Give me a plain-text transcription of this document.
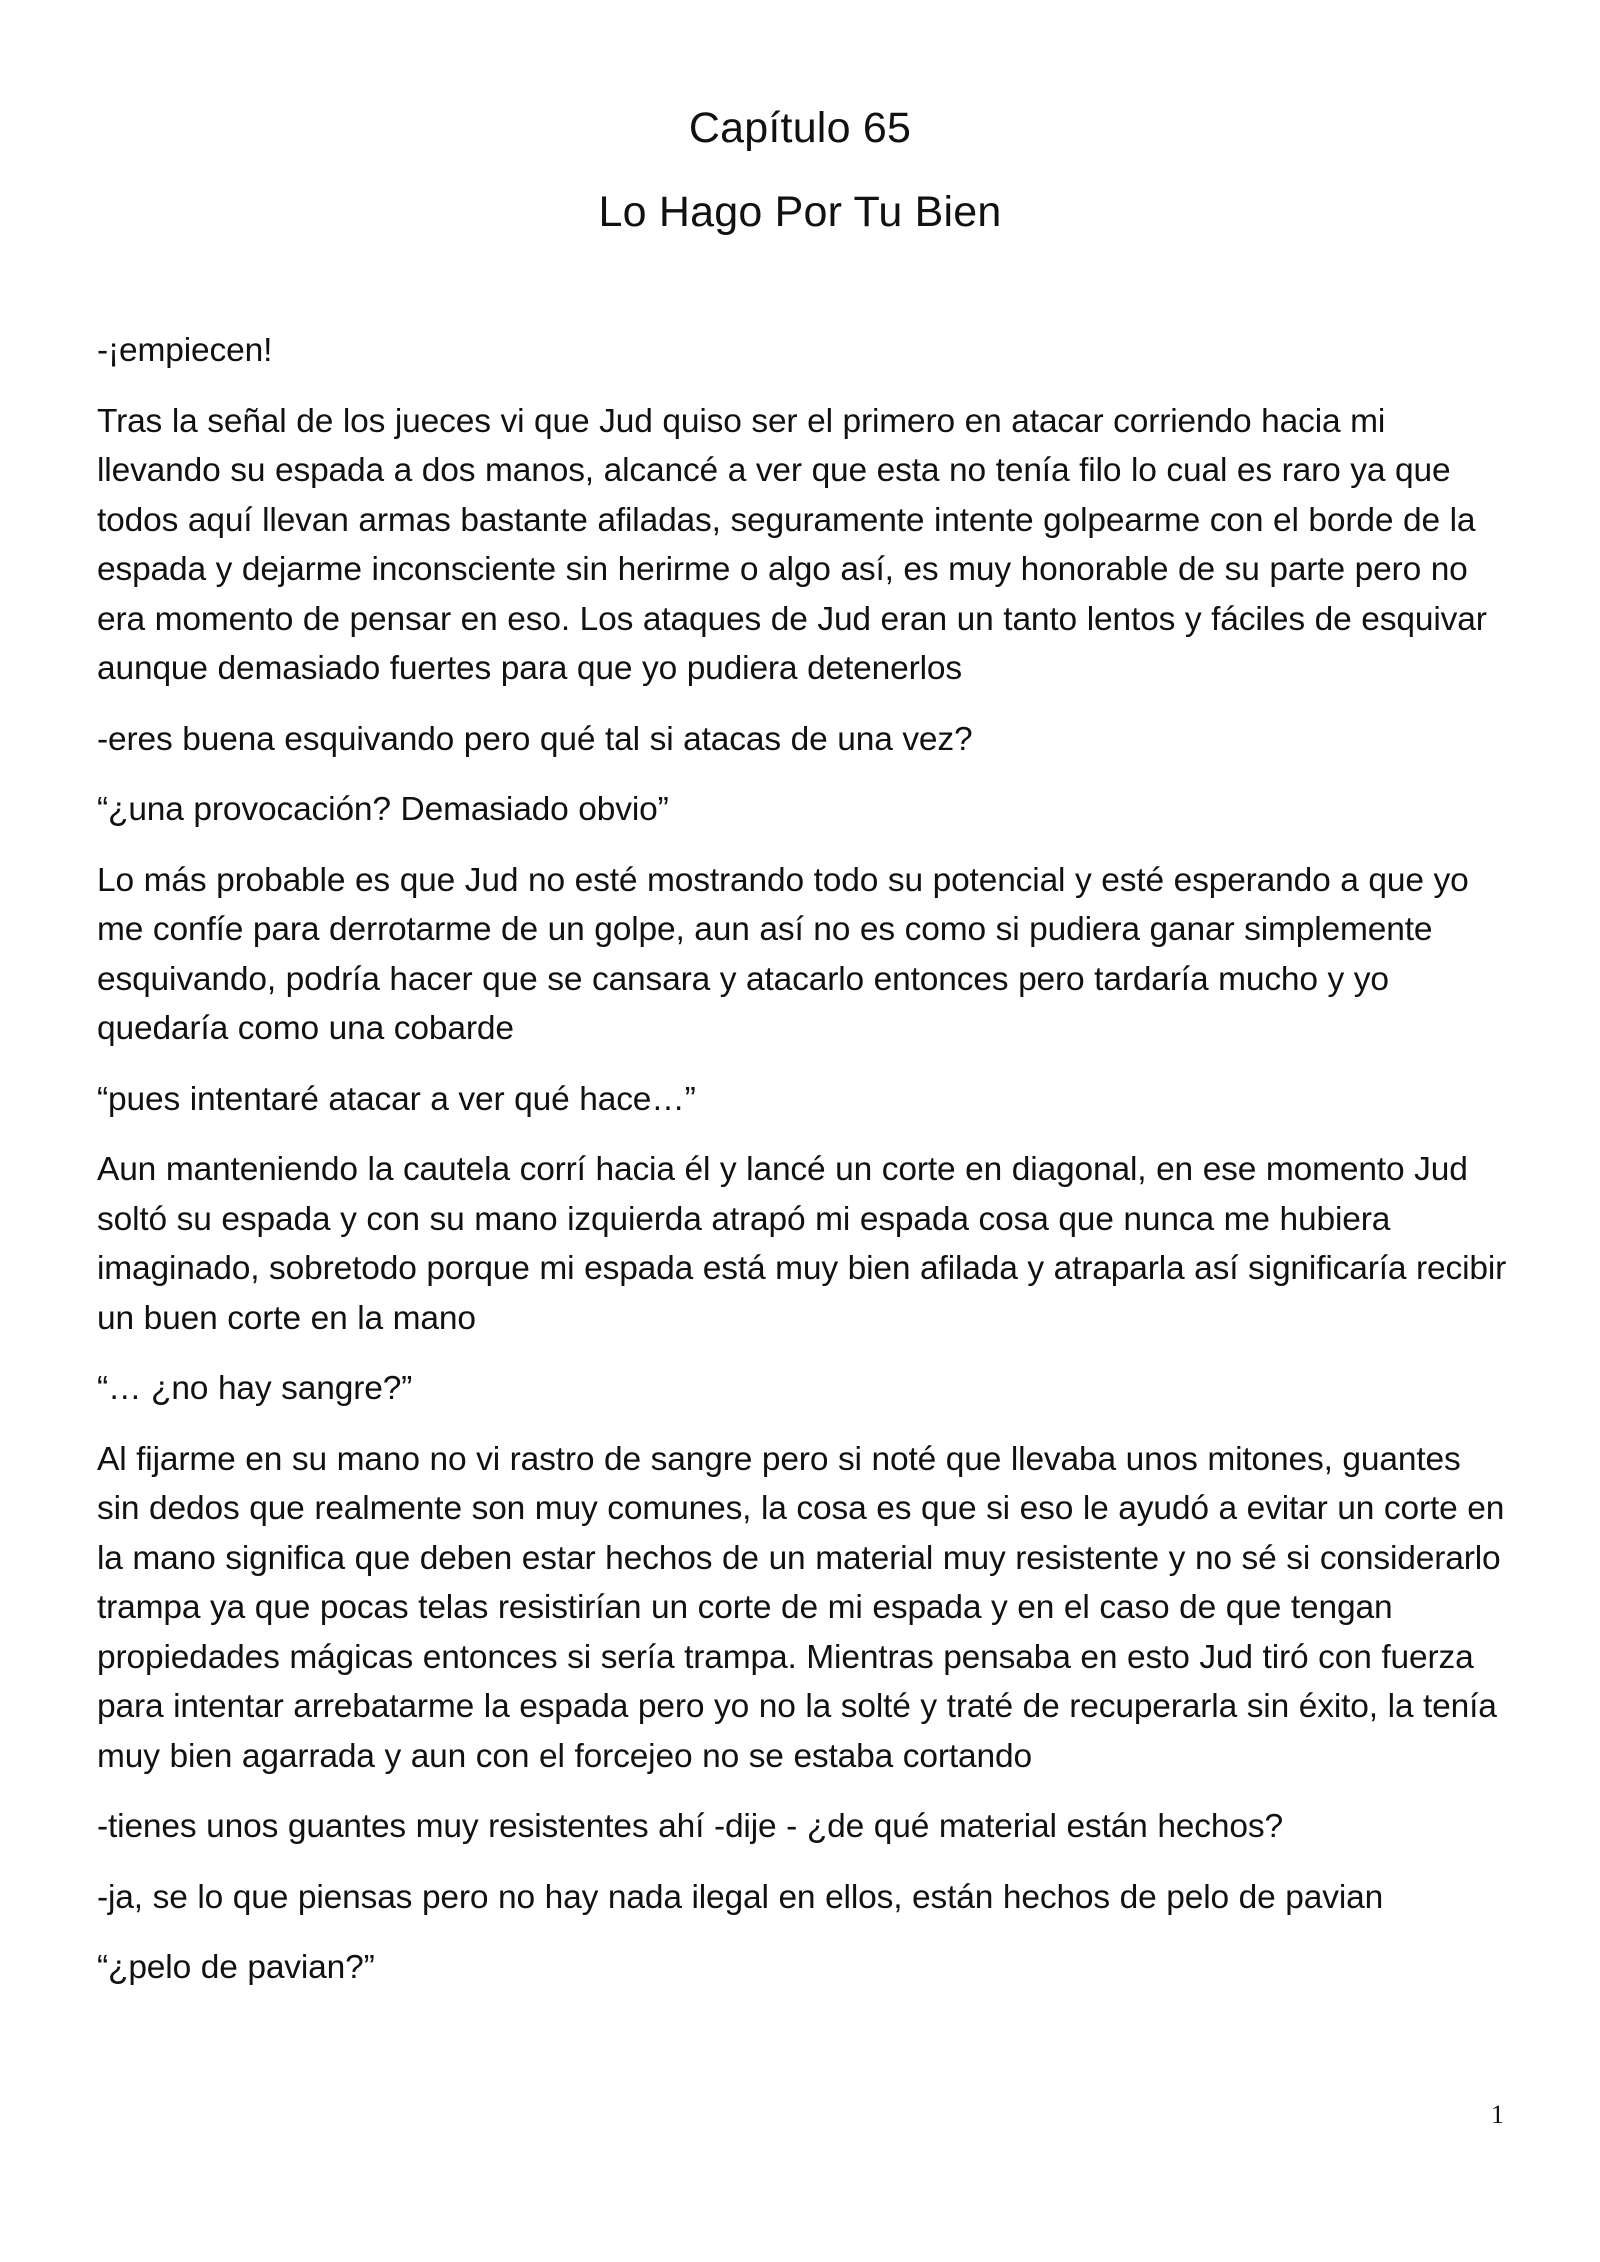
Capítulo 65
Lo Hago Por Tu Bien

-¡empiecen!

Tras la señal de los jueces vi que Jud quiso ser el primero en atacar corriendo hacia mi llevando su espada a dos manos, alcancé a ver que esta no tenía filo lo cual es raro ya que todos aquí llevan armas bastante afiladas, seguramente intente golpearme con el borde de la espada y dejarme inconsciente sin herirme o algo así, es muy honorable de su parte pero no era momento de pensar en eso. Los ataques de Jud eran un tanto lentos y fáciles de esquivar aunque demasiado fuertes para que yo pudiera detenerlos

-eres buena esquivando pero qué tal si atacas de una vez?

“¿una provocación? Demasiado obvio”

Lo más probable es que Jud no esté mostrando todo su potencial y esté esperando a que yo me confíe para derrotarme de un golpe, aun así no es como si pudiera ganar simplemente esquivando, podría hacer que se cansara y atacarlo entonces pero tardaría mucho y yo quedaría como una cobarde

“pues intentaré atacar a ver qué hace…”

Aun manteniendo la cautela corrí hacia él y lancé un corte en diagonal, en ese momento Jud soltó su espada y con su mano izquierda atrapó mi espada cosa que nunca me hubiera imaginado, sobretodo porque mi espada está muy bien afilada y atraparla así significaría recibir un buen corte en la mano

“… ¿no hay sangre?”

Al fijarme en su mano no vi rastro de sangre pero si noté que llevaba unos mitones, guantes sin dedos que realmente son muy comunes, la cosa es que si eso le ayudó a evitar un corte en la mano significa que deben estar hechos de un material muy resistente y no sé si considerarlo trampa ya que pocas telas resistirían un corte de mi espada y en el caso de que tengan propiedades mágicas entonces si sería trampa. Mientras pensaba en esto Jud tiró con fuerza para intentar arrebatarme la espada pero yo no la solté y traté de recuperarla sin éxito, la tenía muy bien agarrada y aun con el forcejeo no se estaba cortando

-tienes unos guantes muy resistentes ahí -dije - ¿de qué material están hechos?

-ja, se lo que piensas pero no hay nada ilegal en ellos, están hechos de pelo de pavian

“¿pelo de pavian?”

1
